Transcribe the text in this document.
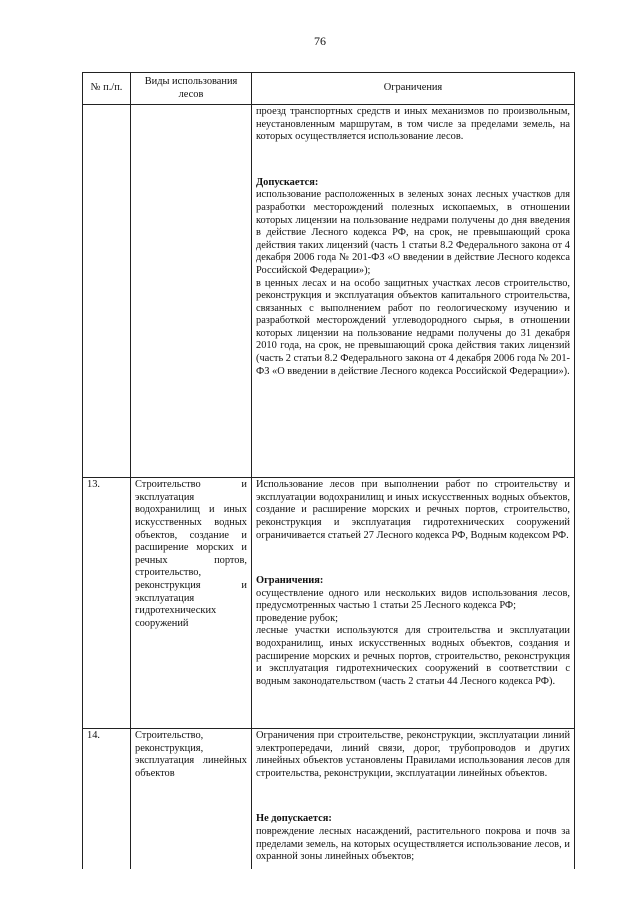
76
№ п./п.	Виды использования лесов	Ограничения

		проезд транспортных средств и иных механизмов по произвольным, неустановленным маршрутам, в том числе за пределами земель, на которых осуществляется использование лесов.

Допускается:

использование расположенных в зеленых зонах лесных участков для разработки месторождений полезных ископаемых, в отношении которых лицензии на пользование недрами получены до дня введения в действие Лесного кодекса РФ, на срок, не превышающий срока действия таких лицензий (часть 1 статьи 8.2 Федерального закона от 4 декабря 2006 года № 201-ФЗ «О введении в действие Лесного кодекса Российской Федерации»);

в ценных лесах и на особо защитных участках лесов строительство, реконструкция и эксплуатация объектов капитального строительства, связанных с выполнением работ по геологическому изучению и разработкой месторождений углеводородного сырья, в отношении которых лицензии на пользование недрами получены до 31 декабря 2010 года, на срок, не превышающий срока действия таких лицензий (часть 2 статьи 8.2 Федерального закона от 4 декабря 2006 года № 201-ФЗ «О введении в действие Лесного кодекса Российской Федерации»).

13.	Строительство и эксплуатация водохранилищ и иных искусственных водных объектов, создание и расширение морских и речных портов, строительство, реконструкция и эксплуатация гидротехнических сооружений	Использование лесов при выполнении работ по строительству и эксплуатации водохранилищ и иных искусственных водных объектов, создание и расширение морских и речных портов, строительство, реконструкция и эксплуатация гидротехнических сооружений ограничивается статьей 27 Лесного кодекса РФ, Водным кодексом РФ.

Ограничения:

осуществление одного или нескольких видов использования лесов, предусмотренных частью 1 статьи 25 Лесного кодекса РФ;

проведение рубок;

лесные участки используются для строительства и эксплуатации водохранилищ, иных искусственных водных объектов, создания и расширение морских и речных портов, строительство, реконструкция и эксплуатация гидротехнических сооружений в соответствии с водным законодательством (часть 2 статьи 44 Лесного кодекса РФ).

14.	Строительство, реконструкция, эксплуатация линейных объектов	Ограничения при строительстве, реконструкции, эксплуатации линий электропередачи, линий связи, дорог, трубопроводов и других линейных объектов установлены Правилами использования лесов для строительства, реконструкции, эксплуатации линейных объектов.

Не допускается:

повреждение лесных насаждений, растительного покрова и почв за пределами земель, на которых осуществляется использование лесов, и охранной зоны линейных объектов;
